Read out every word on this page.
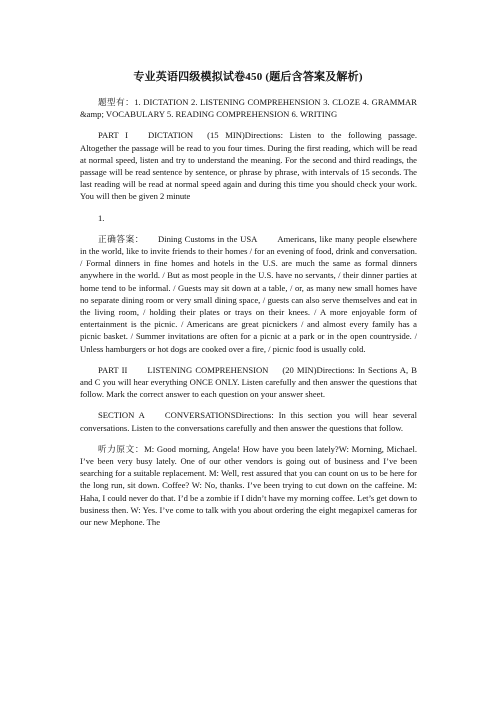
专业英语四级模拟试卷450 (题后含答案及解析)

题型有：1. DICTATION 2. LISTENING COMPREHENSION 3. CLOZE 4. GRAMMAR &amp; VOCABULARY 5. READING COMPREHENSION 6. WRITING

PART I DICTATION (15 MIN)Directions: Listen to the following passage. Altogether the passage will be read to you four times. During the first reading, which will be read at normal speed, listen and try to understand the meaning. For the second and third readings, the passage will be read sentence by sentence, or phrase by phrase, with intervals of 15 seconds. The last reading will be read at normal speed again and during this time you should check your work. You will then be given 2 minute

1.

正确答案： Dining Customs in the USA Americans, like many people elsewhere in the world, like to invite friends to their homes / for an evening of food, drink and conversation. / Formal dinners in fine homes and hotels in the U.S. are much the same as formal dinners anywhere in the world. / But as most people in the U.S. have no servants, / their dinner parties at home tend to be informal. / Guests may sit down at a table, / or, as many new small homes have no separate dining room or very small dining space, / guests can also serve themselves and eat in the living room, / holding their plates or trays on their knees. / A more enjoyable form of entertainment is the picnic. / Americans are great picnickers / and almost every family has a picnic basket. / Summer invitations are often for a picnic at a park or in the open countryside. / Unless hamburgers or hot dogs are cooked over a fire, / picnic food is usually cold.

PART II LISTENING COMPREHENSION (20 MIN)Directions: In Sections A, B and C you will hear everything ONCE ONLY. Listen carefully and then answer the questions that follow. Mark the correct answer to each question on your answer sheet.

SECTION A CONVERSATIONSDirections: In this section you will hear several conversations. Listen to the conversations carefully and then answer the questions that follow.

听力原文：M: Good morning, Angela! How have you been lately?W: Morning, Michael. I’ve been very busy lately. One of our other vendors is going out of business and I’ve been searching for a suitable replacement. M: Well, rest assured that you can count on us to be here for the long run, sit down. Coffee? W: No, thanks. I’ve been trying to cut down on the caffeine. M: Haha, I could never do that. I’d be a zombie if I didn’t have my morning coffee. Let’s get down to business then. W: Yes. I’ve come to talk with you about ordering the eight megapixel cameras for our new Mephone. The
